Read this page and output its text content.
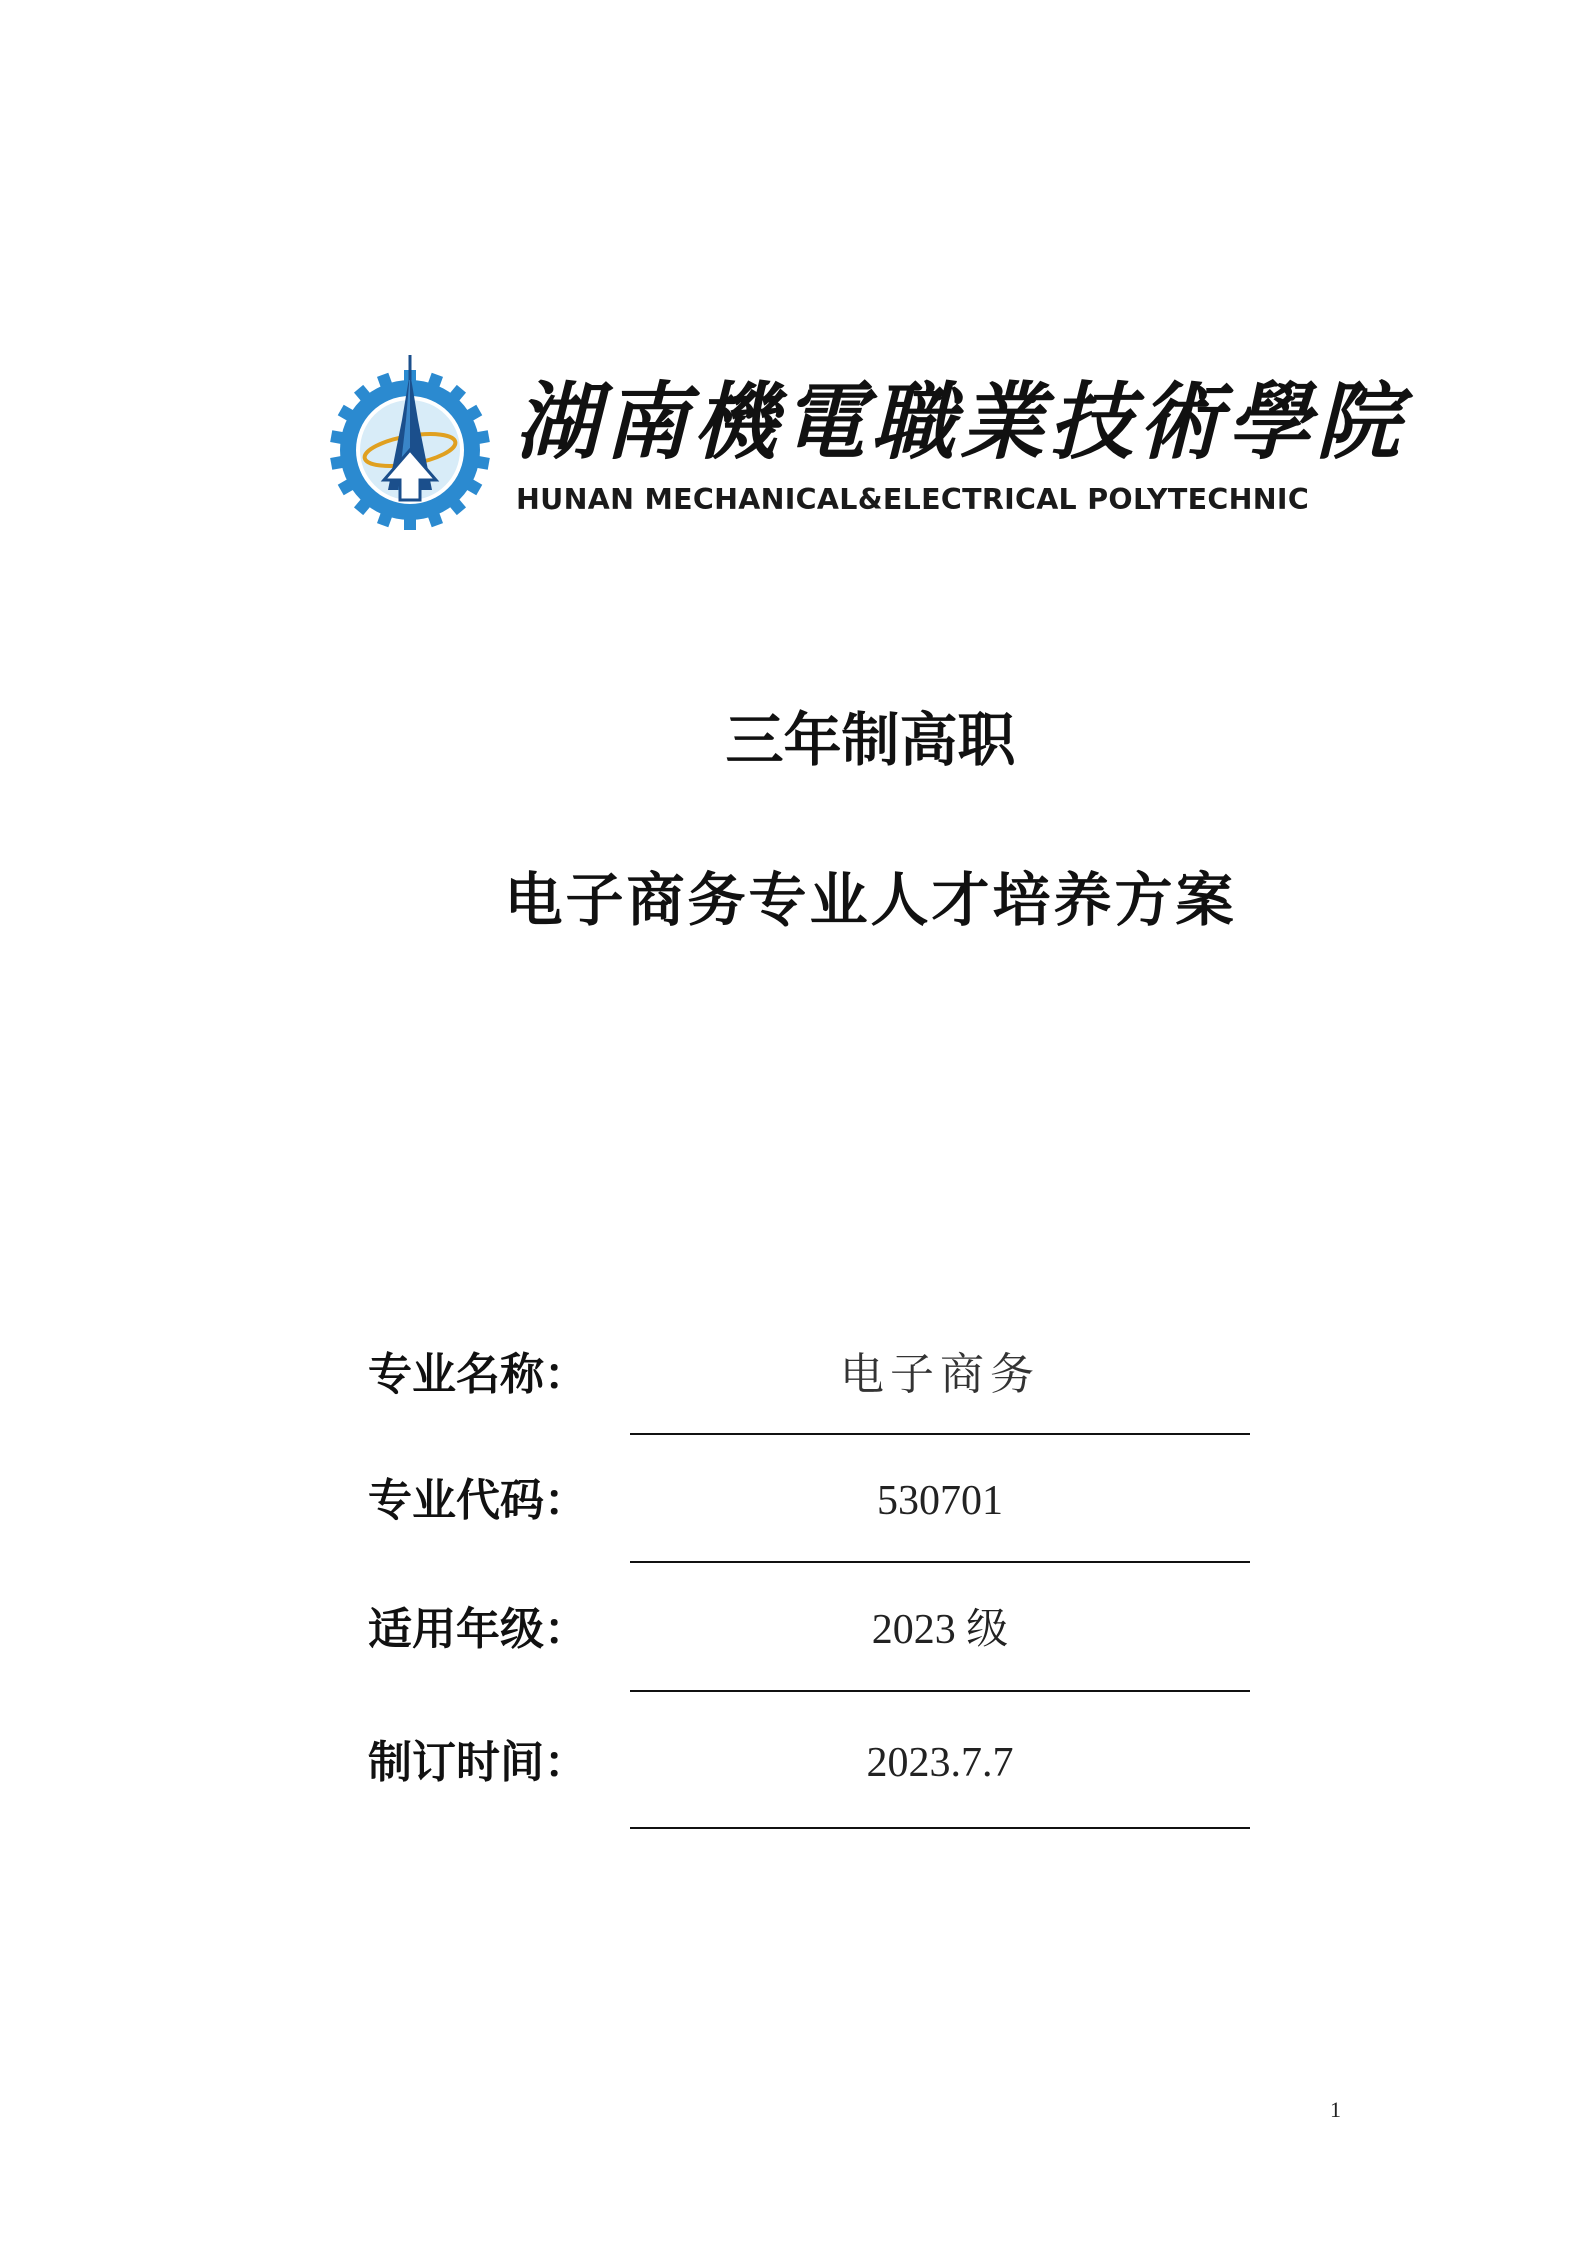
湖南機電職業技術學院
HUNAN MECHANICAL&ELECTRICAL POLYTECHNIC
三年制高职
电子商务专业人才培养方案
专业名称：	电子商务
专业代码：	530701
适用年级：	2023 级
制订时间：	2023.7.7
1
